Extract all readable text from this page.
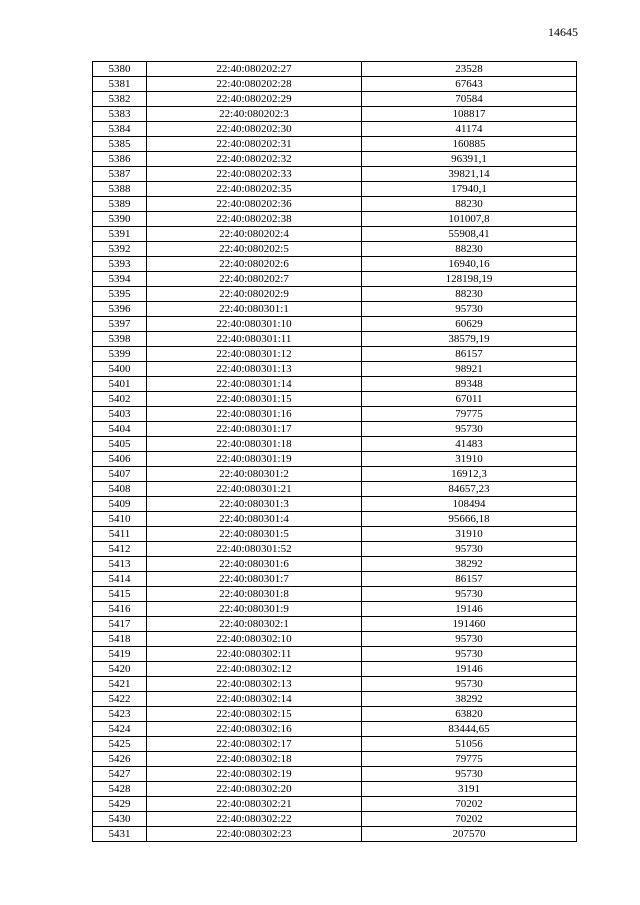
14645
5380	22:40:080202:27	23528
5381	22:40:080202:28	67643
5382	22:40:080202:29	70584
5383	22:40:080202:3	108817
5384	22:40:080202:30	41174
5385	22:40:080202:31	160885
5386	22:40:080202:32	96391,1
5387	22:40:080202:33	39821,14
5388	22:40:080202:35	17940,1
5389	22:40:080202:36	88230
5390	22:40:080202:38	101007,8
5391	22:40:080202:4	55908,41
5392	22:40:080202:5	88230
5393	22:40:080202:6	16940,16
5394	22:40:080202:7	128198,19
5395	22:40:080202:9	88230
5396	22:40:080301:1	95730
5397	22:40:080301:10	60629
5398	22:40:080301:11	38579,19
5399	22:40:080301:12	86157
5400	22:40:080301:13	98921
5401	22:40:080301:14	89348
5402	22:40:080301:15	67011
5403	22:40:080301:16	79775
5404	22:40:080301:17	95730
5405	22:40:080301:18	41483
5406	22:40:080301:19	31910
5407	22:40:080301:2	16912,3
5408	22:40:080301:21	84657,23
5409	22:40:080301:3	108494
5410	22:40:080301:4	95666,18
5411	22:40:080301:5	31910
5412	22:40:080301:52	95730
5413	22:40:080301:6	38292
5414	22:40:080301:7	86157
5415	22:40:080301:8	95730
5416	22:40:080301:9	19146
5417	22:40:080302:1	191460
5418	22:40:080302:10	95730
5419	22:40:080302:11	95730
5420	22:40:080302:12	19146
5421	22:40:080302:13	95730
5422	22:40:080302:14	38292
5423	22:40:080302:15	63820
5424	22:40:080302:16	83444,65
5425	22:40:080302:17	51056
5426	22:40:080302:18	79775
5427	22:40:080302:19	95730
5428	22:40:080302:20	3191
5429	22:40:080302:21	70202
5430	22:40:080302:22	70202
5431	22:40:080302:23	207570
